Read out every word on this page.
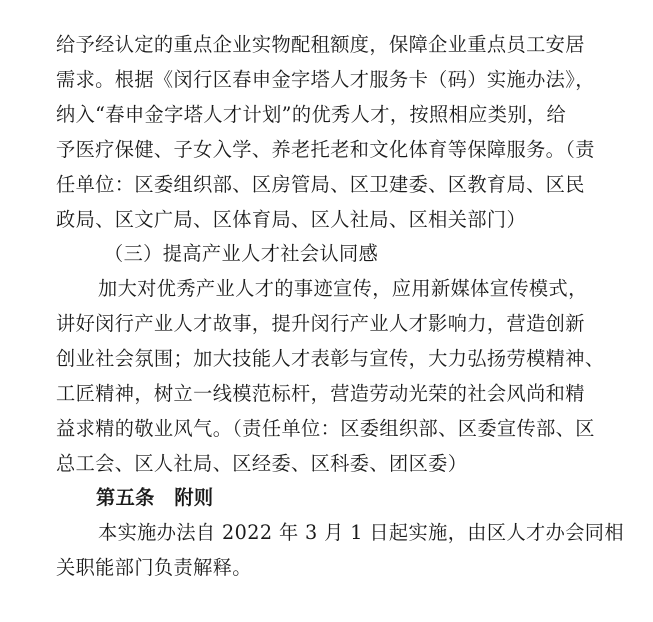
给予经认定的重点企业实物配租额度，保障企业重点员工安居
需求。根据《闵行区春申金字塔人才服务卡（码）实施办法》，
纳入“春申金字塔人才计划”的优秀人才，按照相应类别，给
予医疗保健、子女入学、养老托老和文化体育等保障服务。（责
任单位：区委组织部、区房管局、区卫建委、区教育局、区民
政局、区文广局、区体育局、区人社局、区相关部门）
（三）提高产业人才社会认同感
加大对优秀产业人才的事迹宣传，应用新媒体宣传模式，
讲好闵行产业人才故事，提升闵行产业人才影响力，营造创新
创业社会氛围；加大技能人才表彰与宣传，大力弘扬劳模精神、
工匠精神，树立一线模范标杆，营造劳动光荣的社会风尚和精
益求精的敬业风气。（责任单位：区委组织部、区委宣传部、区
总工会、区人社局、区经委、区科委、团区委）
第五条　附则
本实施办法自 2022 年 3 月 1 日起实施，由区人才办会同相
关职能部门负责解释。
